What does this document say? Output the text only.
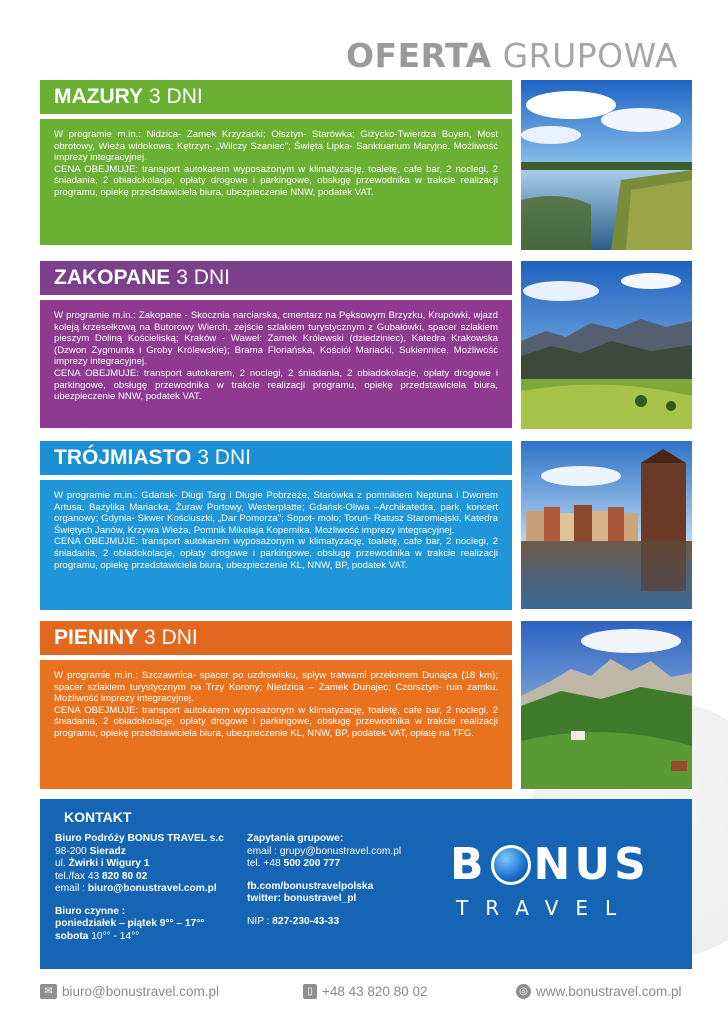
OFERTA GRUPOWA
MAZURY 3 DNI
W programie m.in.: Nidzica- Zamek Krzyżacki; Olsztyn- Starówka; Giżycko-Twierdza Boyen, Most obrotowy, Wieża widokowa; Kętrzyn- „Wilczy Szaniec"; Święta Lipka- Sanktuarium Maryjne. Możliwość imprezy integracyjnej.
CENA OBEJMUJE: transport autokarem wyposażonym w klimatyzację, toaletę, cafe bar, 2 noclegi, 2 śniadania, 2 obiadokolacje, opłaty drogowe i parkingowe, obsługę przewodnika w trakcie realizacji programu, opiekę przedstawiciela biura, ubezpieczenie NNW, podatek VAT.
ZAKOPANE 3 DNI
W programie m.in.: Zakopane - Skocznia narciarska, cmentarz na Pęksowym Brzyzku, Krupówki, wjazd koleją krzesełkową na Butorowy Wierch, zejście szlakiem turystycznym z Gubałówki, spacer szlakiem pieszym Doliną Kościeliską; Kraków - Wawel: Zamek Królewski (dziedziniec), Katedra Krakowska (Dzwon Zygmunta i Groby Królewskie); Brama Floriańska, Kościół Mariacki, Sukiennice. Możliwość imprezy integracyjnej.
CENA OBEJMUJE: transport autokarem, 2 noclegi, 2 śniadania, 2 obiadokolacje, opłaty drogowe i parkingowe, obsługę przewodnika w trakcie realizacji programu, opiekę przedstawiciela biura, ubezpieczenie NNW, podatek VAT.
TRÓJMIASTO 3 DNI
W programie m.in.: Gdańsk- Długi Targ i Długie Pobrzeże, Starówka z pomnikiem Neptuna i Dworem Artusa, Bazylika Mariacka, Żuraw Portowy, Westerplatte; Gdańsk-Oliwa –Archikatedra, park, koncert organowy; Gdynia- Skwer Kościuszki, „Dar Pomorza"; Sopot- molo; Toruń- Ratusz Staromiejski, Katedra Świętych Janów, Krzywa Wieża, Pomnik Mikołaja Kopernika. Możliwość imprezy integracyjnej.
CENA OBEJMUJE: transport autokarem wyposażonym w klimatyzację, toaletę, cafe bar, 2 noclegi, 2 śniadania, 2 obiadokolacje, opłaty drogowe i parkingowe, obsługę przewodnika w trakcie realizacji programu, opiekę przedstawiciela biura, ubezpieczenie KL, NNW, BP, podatek VAT.
PIENINY 3 DNI
W programie m.in.: Szczawnica- spacer po uzdrowisku, spływ tratwami przełomem Dunajca (18 km); spacer szlakiem turystycznym na Trzy Korony; Niedzica – Zamek Dunajec; Czorsztyn- ruin zamku. Możliwość imprezy integracyjnej.
CENA OBEJMUJE: transport autokarem wyposażonym w klimatyzację, toaletę, cafe bar, 2 noclegi, 2 śniadania, 2 obiadokolacje, opłaty drogowe i parkingowe, obsługę przewodnika w trakcie realizacji programu, opiekę przedstawiciela biura, ubezpieczenie KL, NNW, BP, podatek VAT, opłatę na TFG.
KONTAKT
Biuro Podróży BONUS TRAVEL s.c
98-200 Sieradz
ul. Żwirki i Wigury 1
tel./fax 43 820 80 02
email : biuro@bonustravel.com.pl
Biuro czynne :
poniedziałek – piątek 9°° – 17°°
sobota 10°° - 14°°
Zapytania grupowe:
email : grupy@bonustravel.com.pl
tel. +48 500 200 777
fb.com/bonustravelpolska
twitter: bonustravel_pl
NIP : 827-230-43-33
B NUS
TRAVEL
✉ biuro@bonustravel.com.pl	▯ +48 43 820 80 02	◎ www.bonustravel.com.pl
